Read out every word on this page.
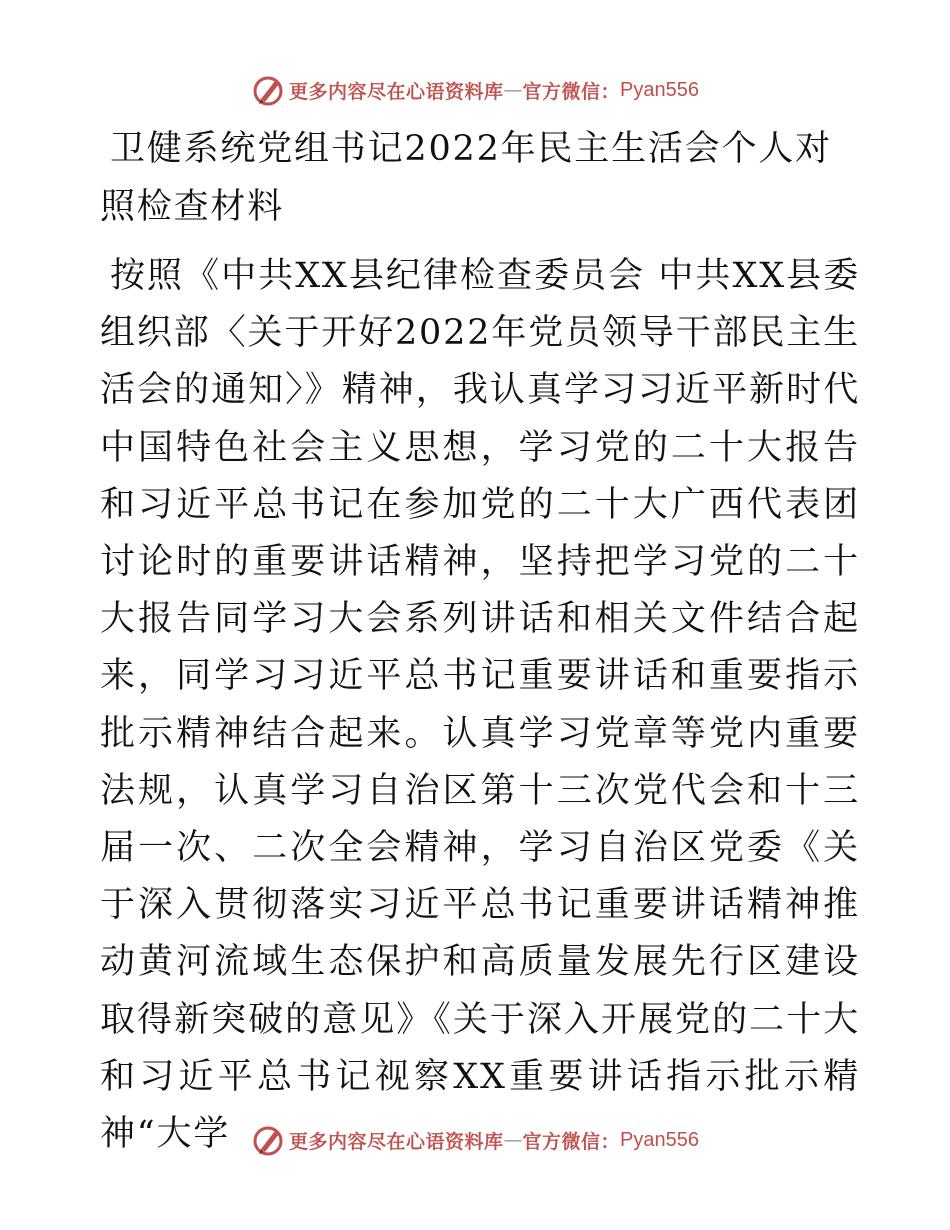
更多内容尽在心语资料库 — 官方微信： Pyan556
卫健系统党组书记2022年民主生活会个人对照检查材料

按照《中共XX县纪律检查委员会 中共XX县委组织部〈关于开好2022年党员领导干部民主生活会的通知〉》精神，我认真学习习近平新时代中国特色社会主义思想，学习党的二十大报告和习近平总书记在参加党的二十大广西代表团讨论时的重要讲话精神，坚持把学习党的二十大报告同学习大会系列讲话和相关文件结合起来，同学习习近平总书记重要讲话和重要指示批示精神结合起来。认真学习党章等党内重要法规，认真学习自治区第十三次党代会和十三届一次、二次全会精神，学习自治区党委《关于深入贯彻落实习近平总书记重要讲话精神推动黄河流域生态保护和高质量发展先行区建设取得新突破的意见》《关于深入开展党的二十大和习近平总书记视察XX重要讲话指示批示精神“大学	更多内容尽在心语资料库 — 官方微信： Pyan556
